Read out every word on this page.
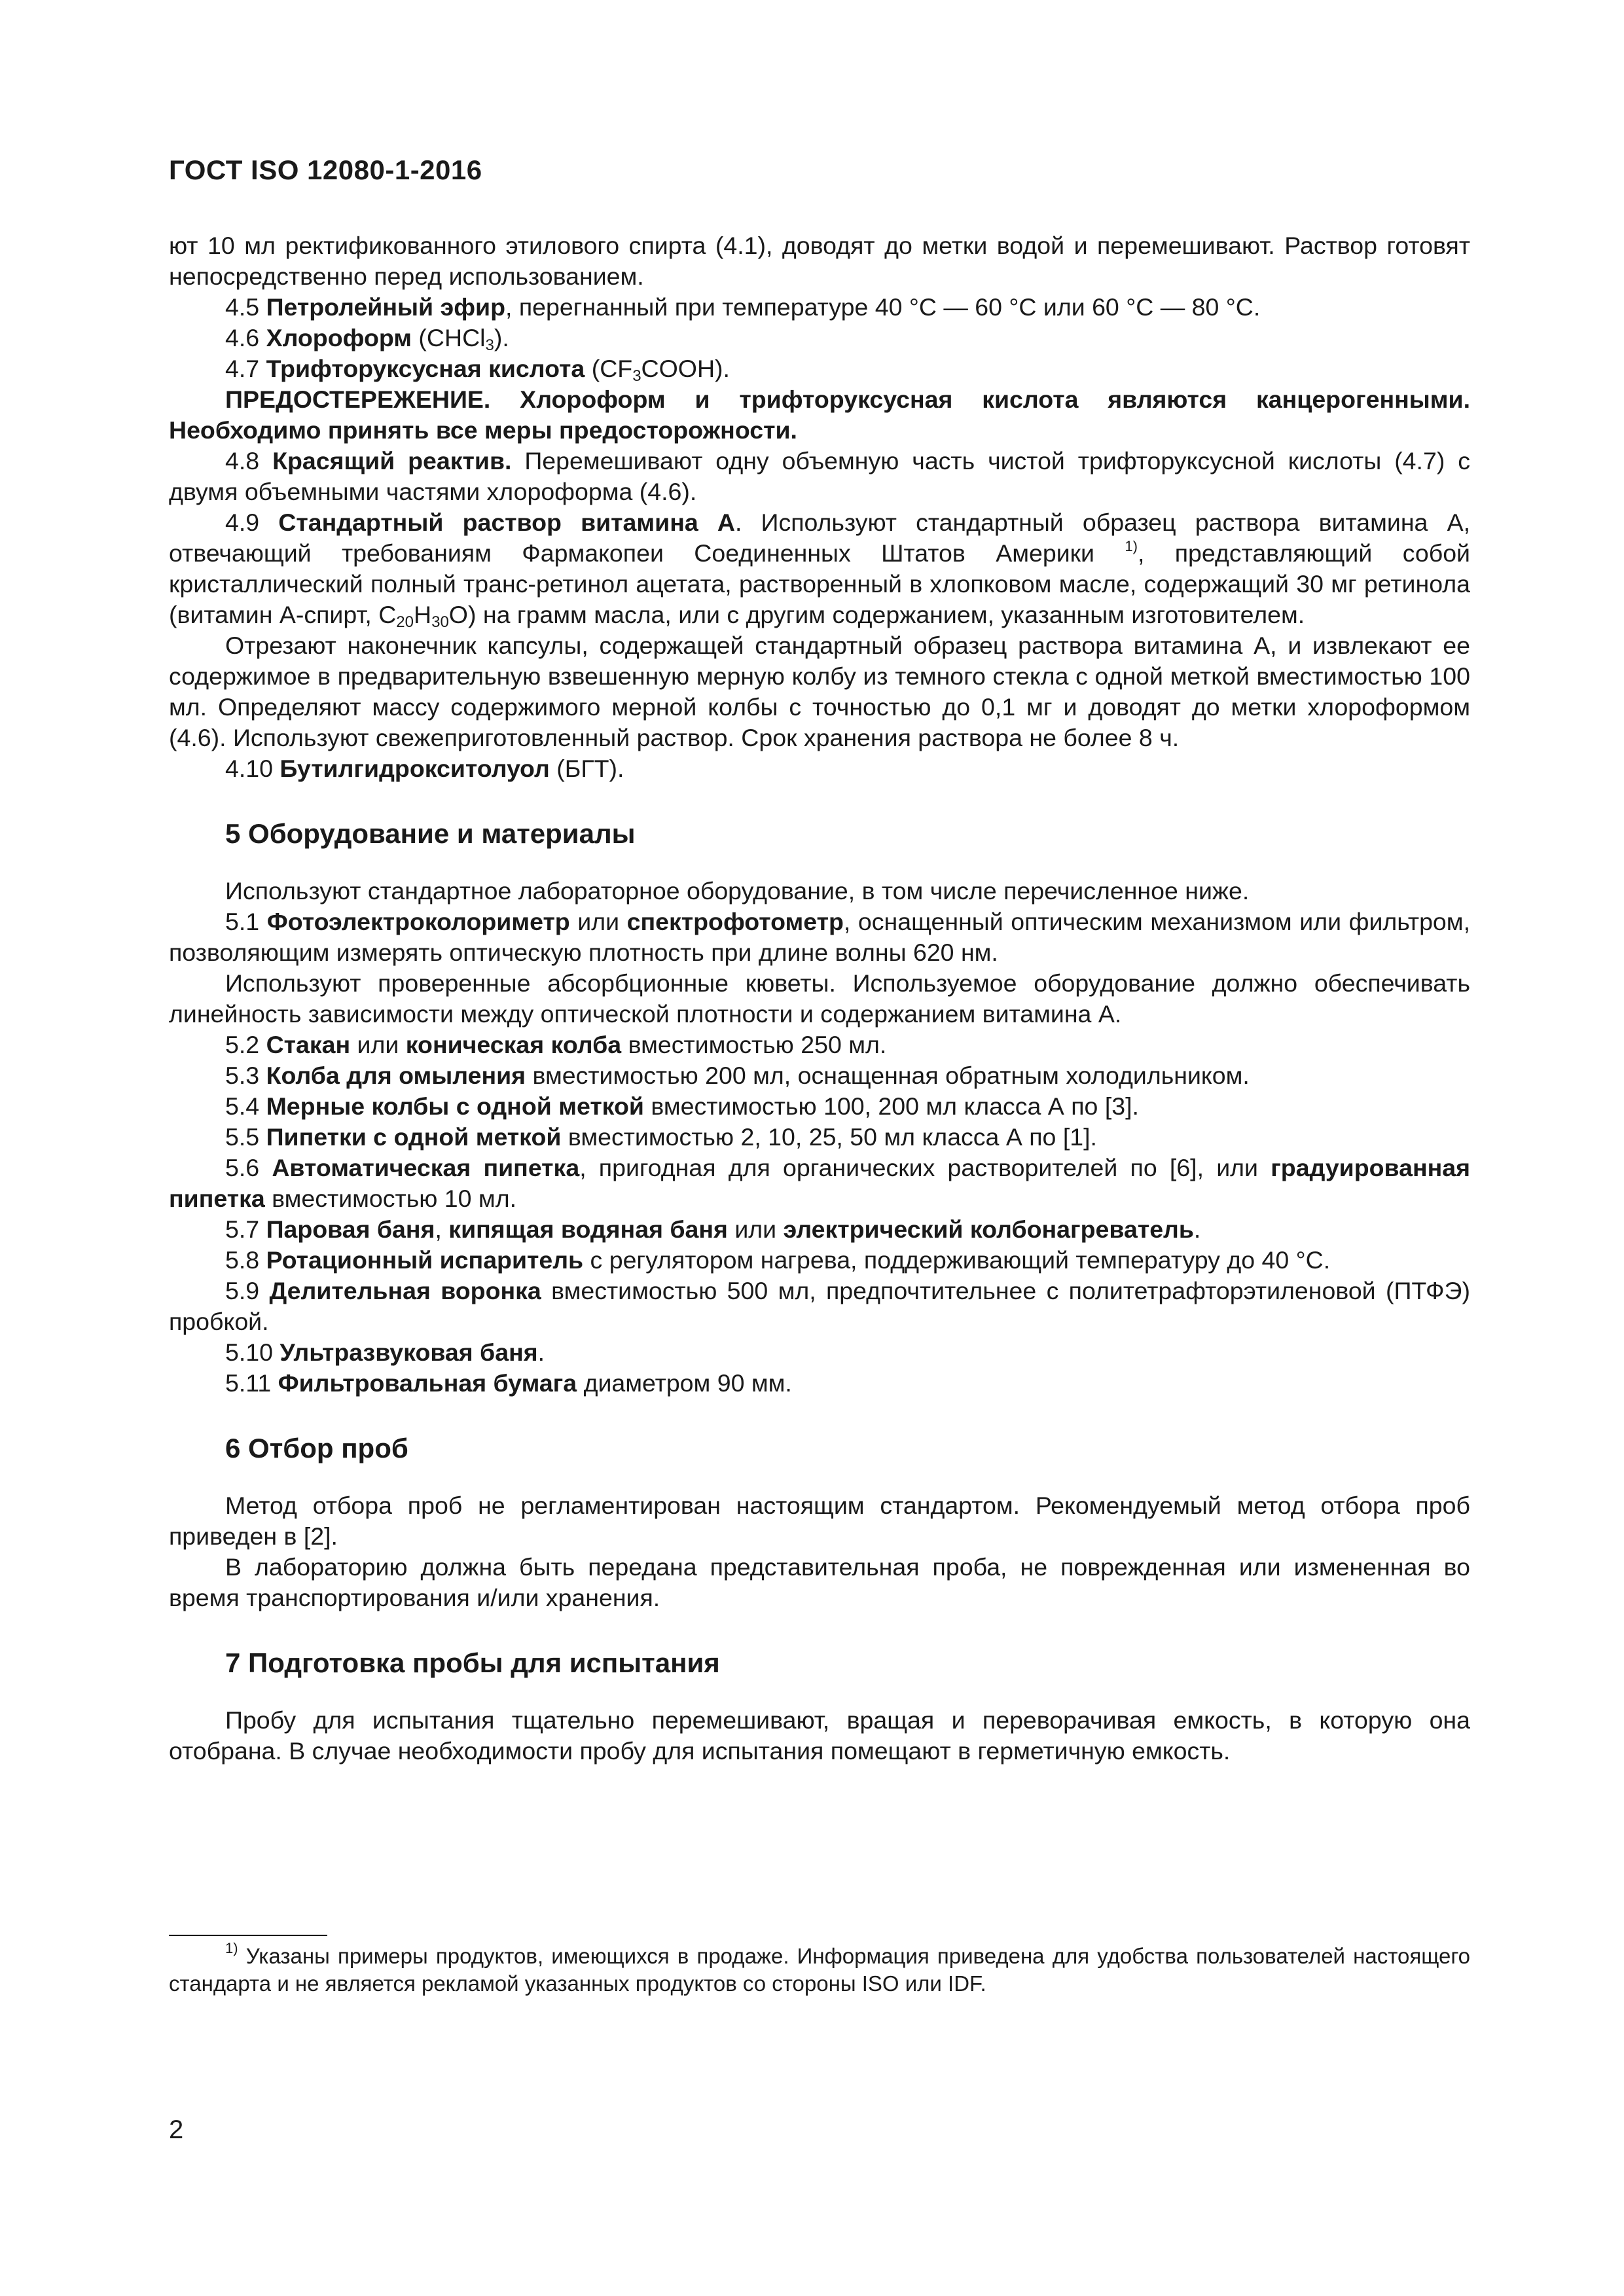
ГОСТ ISO 12080-1-2016

ют 10 мл ректификованного этилового спирта (4.1), доводят до метки водой и перемешивают. Раствор готовят непосредственно перед использованием.

4.5 Петролейный эфир, перегнанный при температуре 40 °С — 60 °С или 60 °С — 80 °С.

4.6 Хлороформ (CHCl$_3$).

4.7 Трифторуксусная кислота $(CF_3COOH)$.

ПРЕДОСТЕРЕЖЕНИЕ. Хлороформ и трифторуксусная кислота являются канцерогенными. Необходимо принять все меры предосторожности.

4.8 Красящий реактив. Перемешивают одну объемную часть чистой трифторуксусной кислоты (4.7) с двумя объемными частями хлороформа (4.6).

4.9 Стандартный раствор витамина А. Используют стандартный образец раствора витамина А, отвечающий требованиям Фармакопеи Соединенных Штатов Америки $^{1)}$, представляющий собой кристаллический полный транс-ретинол ацетата, растворенный в хлопковом масле, содержащий 30 мг ретинола (витамин А-спирт, $С_{20}Н_{30}О$) на грамм масла, или с другим содержанием, указанным изготовителем.

Отрезают наконечник капсулы, содержащей стандартный образец раствора витамина А, и извлекают ее содержимое в предварительную взвешенную мерную колбу из темного стекла с одной меткой вместимостью 100 мл. Определяют массу содержимого мерной колбы с точностью до 0,1 мг и доводят до метки хлороформом (4.6). Используют свежеприготовленный раствор. Срок хранения раствора не более 8 ч.

4.10 Бутилгидрокситолуол (БГТ).

5 Оборудование и материалы

Используют стандартное лабораторное оборудование, в том числе перечисленное ниже.

5.1 Фотоэлектроколориметр или спектрофотометр, оснащенный оптическим механизмом или фильтром, позволяющим измерять оптическую плотность при длине волны 620 нм.

Используют проверенные абсорбционные кюветы. Используемое оборудование должно обеспечивать линейность зависимости между оптической плотности и содержанием витамина А.

5.2 Стакан или коническая колба вместимостью 250 мл.

5.3 Колба для омыления вместимостью 200 мл, оснащенная обратным холодильником.

5.4 Мерные колбы с одной меткой вместимостью 100, 200 мл класса А по [3].

5.5 Пипетки с одной меткой вместимостью 2, 10, 25, 50 мл класса А по [1].

5.6 Автоматическая пипетка, пригодная для органических растворителей по [6], или градуированная пипетка вместимостью 10 мл.

5.7 Паровая баня, кипящая водяная баня или электрический колбонагреватель.

5.8 Ротационный испаритель с регулятором нагрева, поддерживающий температуру до 40 °С.

5.9 Делительная воронка вместимостью 500 мл, предпочтительнее с политетрафторэтиленовой (ПТФЭ) пробкой.

5.10 Ультразвуковая баня.

5.11 Фильтровальная бумага диаметром 90 мм.

6 Отбор проб

Метод отбора проб не регламентирован настоящим стандартом. Рекомендуемый метод отбора проб приведен в [2].

В лабораторию должна быть передана представительная проба, не поврежденная или измененная во время транспортирования и/или хранения.

7 Подготовка пробы для испытания

Пробу для испытания тщательно перемешивают, вращая и переворачивая емкость, в которую она отобрана. В случае необходимости пробу для испытания помещают в герметичную емкость.

$^{1)}$ Указаны примеры продуктов, имеющихся в продаже. Информация приведена для удобства пользователей настоящего стандарта и не является рекламой указанных продуктов со стороны ISO или IDF.
2
